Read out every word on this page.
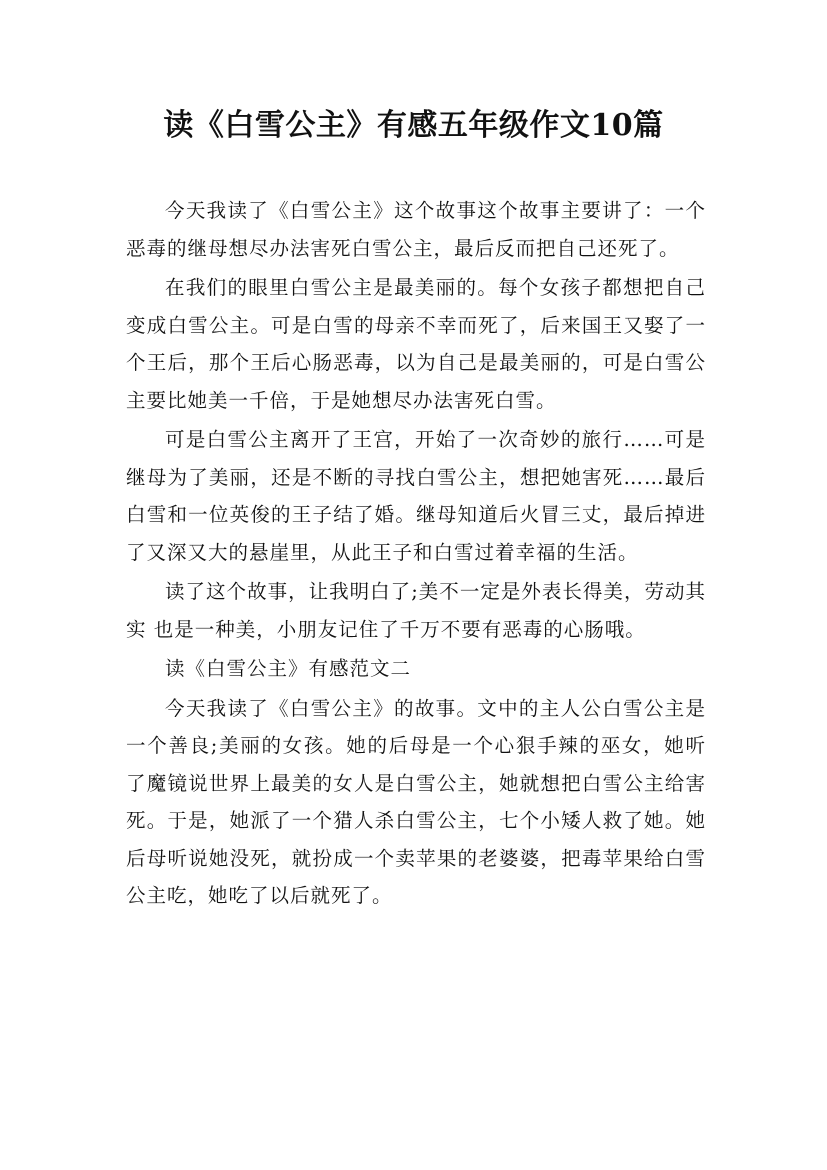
读《白雪公主》有感五年级作文10篇

今天我读了《白雪公主》这个故事这个故事主要讲了：一个恶毒的继母想尽办法害死白雪公主，最后反而把自己还死了。

在我们的眼里白雪公主是最美丽的。每个女孩子都想把自己变成白雪公主。可是白雪的母亲不幸而死了，后来国王又娶了一个王后，那个王后心肠恶毒，以为自己是最美丽的，可是白雪公主要比她美一千倍，于是她想尽办法害死白雪。

可是白雪公主离开了王宫，开始了一次奇妙的旅行……可是继母为了美丽，还是不断的寻找白雪公主，想把她害死……最后白雪和一位英俊的王子结了婚。继母知道后火冒三丈，最后掉进了又深又大的悬崖里，从此王子和白雪过着幸福的生活。

读了这个故事，让我明白了;美不一定是外表长得美，劳动其实 也是一种美，小朋友记住了千万不要有恶毒的心肠哦。

读《白雪公主》有感范文二

今天我读了《白雪公主》的故事。文中的主人公白雪公主是一个善良;美丽的女孩。她的后母是一个心狠手辣的巫女，她听了魔镜说世界上最美的女人是白雪公主，她就想把白雪公主给害死。于是，她派了一个猎人杀白雪公主，七个小矮人救了她。她后母听说她没死，就扮成一个卖苹果的老婆婆，把毒苹果给白雪公主吃，她吃了以后就死了。
